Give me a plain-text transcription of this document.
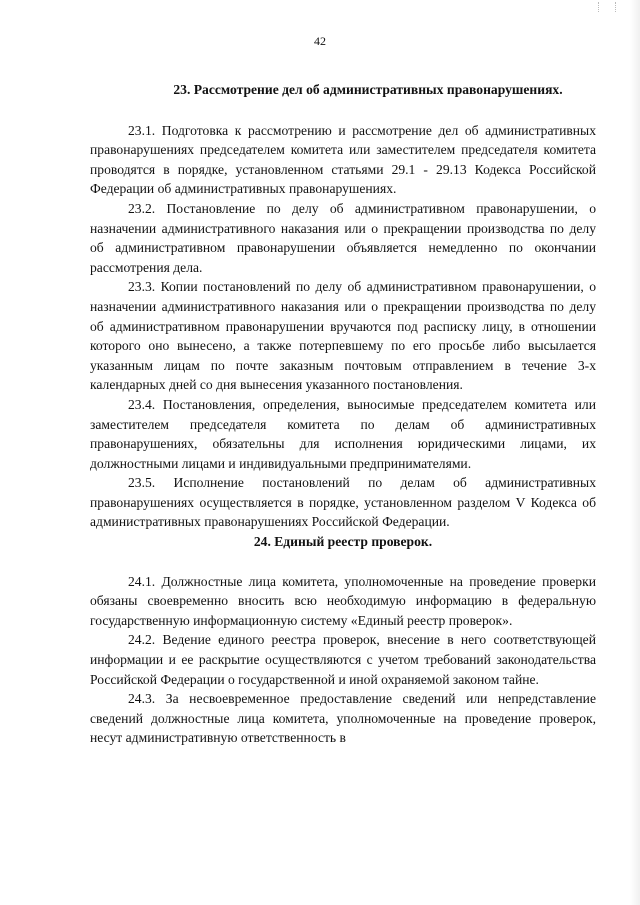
42

23. Рассмотрение дел об административных правонарушениях.

23.1. Подготовка к рассмотрению и рассмотрение дел об административных правонарушениях председателем комитета или заместителем председателя комитета проводятся в порядке, установленном статьями 29.1 - 29.13 Кодекса Российской Федерации об административных правонарушениях.

23.2. Постановление по делу об административном правонарушении, о назначении административного наказания или о прекращении производства по делу об административном правонарушении объявляется немедленно по окончании рассмотрения дела.

23.3. Копии постановлений по делу об административном правонарушении, о назначении административного наказания или о прекращении производства по делу об административном правонарушении вручаются под расписку лицу, в отношении которого оно вынесено, а также потерпевшему по его просьбе либо высылается указанным лицам по почте заказным почтовым отправлением в течение 3-х календарных дней со дня вынесения указанного постановления.

23.4. Постановления, определения, выносимые председателем комитета или заместителем председателя комитета по делам об административных правонарушениях, обязательны для исполнения юридическими лицами, их должностными лицами и индивидуальными предпринимателями.

23.5. Исполнение постановлений по делам об административных правонарушениях осуществляется в порядке, установленном разделом V Кодекса об административных правонарушениях Российской Федерации.

24. Единый реестр проверок.

24.1. Должностные лица комитета, уполномоченные на проведение проверки обязаны своевременно вносить всю необходимую информацию в федеральную государственную информационную систему «Единый реестр проверок».

24.2. Ведение единого реестра проверок, внесение в него соответствующей информации и ее раскрытие осуществляются с учетом требований законодательства Российской Федерации о государственной и иной охраняемой законом тайне.

24.3. За несвоевременное предоставление сведений или непредставление сведений должностные лица комитета, уполномоченные на проведение проверок, несут административную ответственность в
